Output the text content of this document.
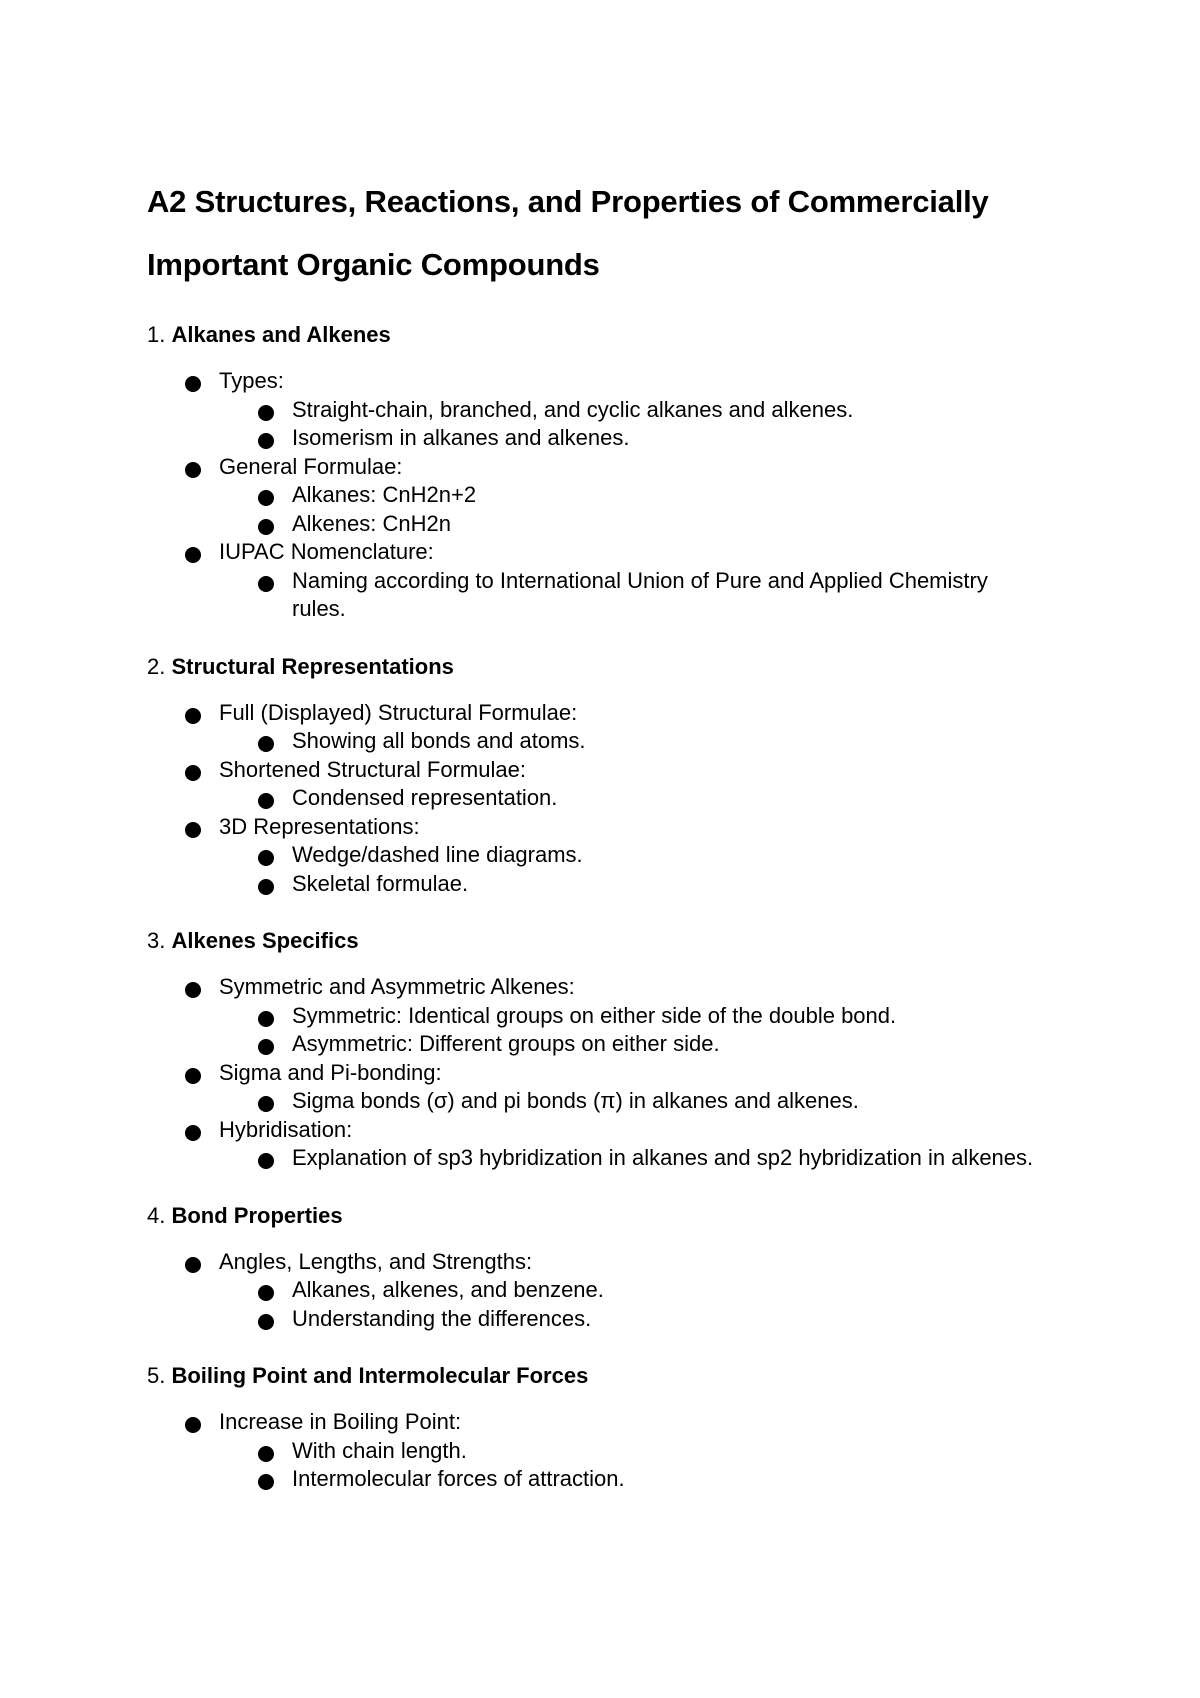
A2 Structures, Reactions, and Properties of Commercially Important Organic Compounds
1. Alkanes and Alkenes
Types:
Straight-chain, branched, and cyclic alkanes and alkenes.
Isomerism in alkanes and alkenes.
General Formulae:
Alkanes: CnH2n+2
Alkenes: CnH2n
IUPAC Nomenclature:
Naming according to International Union of Pure and Applied Chemistry rules.
2. Structural Representations
Full (Displayed) Structural Formulae:
Showing all bonds and atoms.
Shortened Structural Formulae:
Condensed representation.
3D Representations:
Wedge/dashed line diagrams.
Skeletal formulae.
3. Alkenes Specifics
Symmetric and Asymmetric Alkenes:
Symmetric: Identical groups on either side of the double bond.
Asymmetric: Different groups on either side.
Sigma and Pi-bonding:
Sigma bonds (σ) and pi bonds (π) in alkanes and alkenes.
Hybridisation:
Explanation of sp3 hybridization in alkanes and sp2 hybridization in alkenes.
4. Bond Properties
Angles, Lengths, and Strengths:
Alkanes, alkenes, and benzene.
Understanding the differences.
5. Boiling Point and Intermolecular Forces
Increase in Boiling Point:
With chain length.
Intermolecular forces of attraction.
